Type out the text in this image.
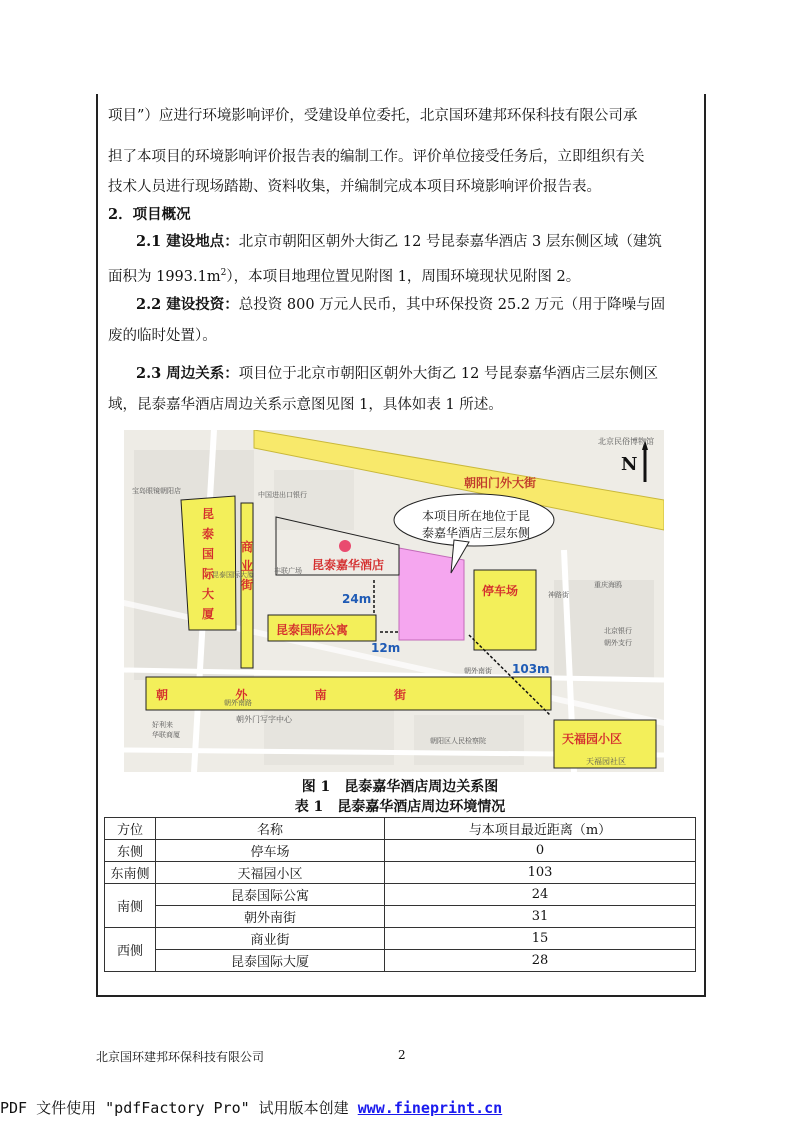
项目”）应进行环境影响评价，受建设单位委托，北京国环建邦环保科技有限公司承
担了本项目的环境影响评价报告表的编制工作。评价单位接受任务后，立即组织有关
技术人员进行现场踏勘、资料收集，并编制完成本项目环境影响评价报告表。
2．项目概况
2.1 建设地点：北京市朝阳区朝外大街乙 12 号昆泰嘉华酒店 3 层东侧区域（建筑
面积为 $1993.1m^2$），本项目地理位置见附图 1，周围环境现状见附图 2。
2.2 建设投资：总投资 800 万元人民币，其中环保投资 25.2 万元（用于降噪与固
废的临时处置）。
2.3 周边关系：项目位于北京市朝阳区朝外大街乙 12 号昆泰嘉华酒店三层东侧区
域，昆泰嘉华酒店周边关系示意图见图 1，具体如表 1 所述。
N
朝阳门外大街
本项目所在地位于昆
泰嘉华酒店三层东侧
昆泰嘉华酒店
停车场
昆泰国际公寓
天福园小区
昆
泰
国
际
大
厦
商
业
街
朝	外	南	街
24m
12m
103m
北京民俗博物馆
宝岛眼镜朝阳店	中国进出口银行
神路街
重庆海鸥
北京银行
朝外支行
朝外南街
朝外门写字中心
昆泰国际大厦
朝外南路
天福园社区
朝阳区人民检察院
好利来
华联商厦
丰联广场
图 1　昆泰嘉华酒店周边关系图
表 1　昆泰嘉华酒店周边环境情况
方位	名称	与本项目最近距离（m）
东侧	停车场	0
东南侧	天福园小区	103
南侧	昆泰国际公寓	24
	朝外南街	31
西侧	商业街	15
	昆泰国际大厦	28
北京国环建邦环保科技有限公司	2
PDF 文件使用 "pdfFactory Pro" 试用版本创建 www.fineprint.cn
